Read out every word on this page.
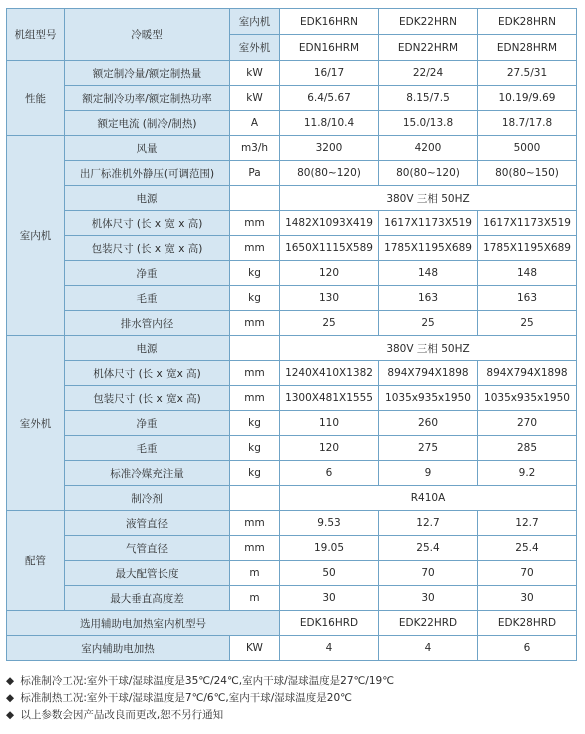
机组型号	冷暖型	室内机	EDK16HRN	EDK22HRN	EDK28HRN
		室外机	EDN16HRM	EDN22HRM	EDN28HRM
性能	额定制冷量/额定制热量	kW	16/17	22/24	27.5/31
	额定制冷功率/额定制热功率	kW	6.4/5.67	8.15/7.5	10.19/9.69
	额定电流 (制冷/制热)	A	11.8/10.4	15.0/13.8	18.7/17.8
室内机	风量	m3/h	3200	4200	5000
	出厂标准机外静压(可调范围)	Pa	80(80~120)	80(80~120)	80(80~150)
	电源		380V 三相 50HZ		
	机体尺寸 (长 x 宽 x 高)	mm	1482X1093X419	1617X1173X519	1617X1173X519
	包装尺寸 (长 x 宽 x 高)	mm	1650X1115X589	1785X1195X689	1785X1195X689
	净重	kg	120	148	148
	毛重	kg	130	163	163
	排水管内径	mm	25	25	25
室外机	电源		380V 三相 50HZ		
	机体尺寸 (长 x 宽x 高)	mm	1240X410X1382	894X794X1898	894X794X1898
	包装尺寸 (长 x 宽x 高)	mm	1300X481X1555	1035x935x1950	1035x935x1950
	净重	kg	110	260	270
	毛重	kg	120	275	285
	标准冷媒充注量	kg	6	9	9.2
	制冷剂		R410A		
配管	液管直径	mm	9.53	12.7	12.7
	气管直径	mm	19.05	25.4	25.4
	最大配管长度	m	50	70	70
	最大垂直高度差	m	30	30	30
选用辅助电加热室内机型号			EDK16HRD	EDK22HRD	EDK28HRD
室内辅助电加热		KW	4	4	6
◆ 标准制冷工况:室外干球/湿球温度是35℃/24℃,室内干球/湿球温度是27℃/19℃
◆ 标准制热工况:室外干球/湿球温度是7℃/6℃,室内干球/湿球温度是20℃
◆ 以上参数会因产品改良而更改,恕不另行通知
